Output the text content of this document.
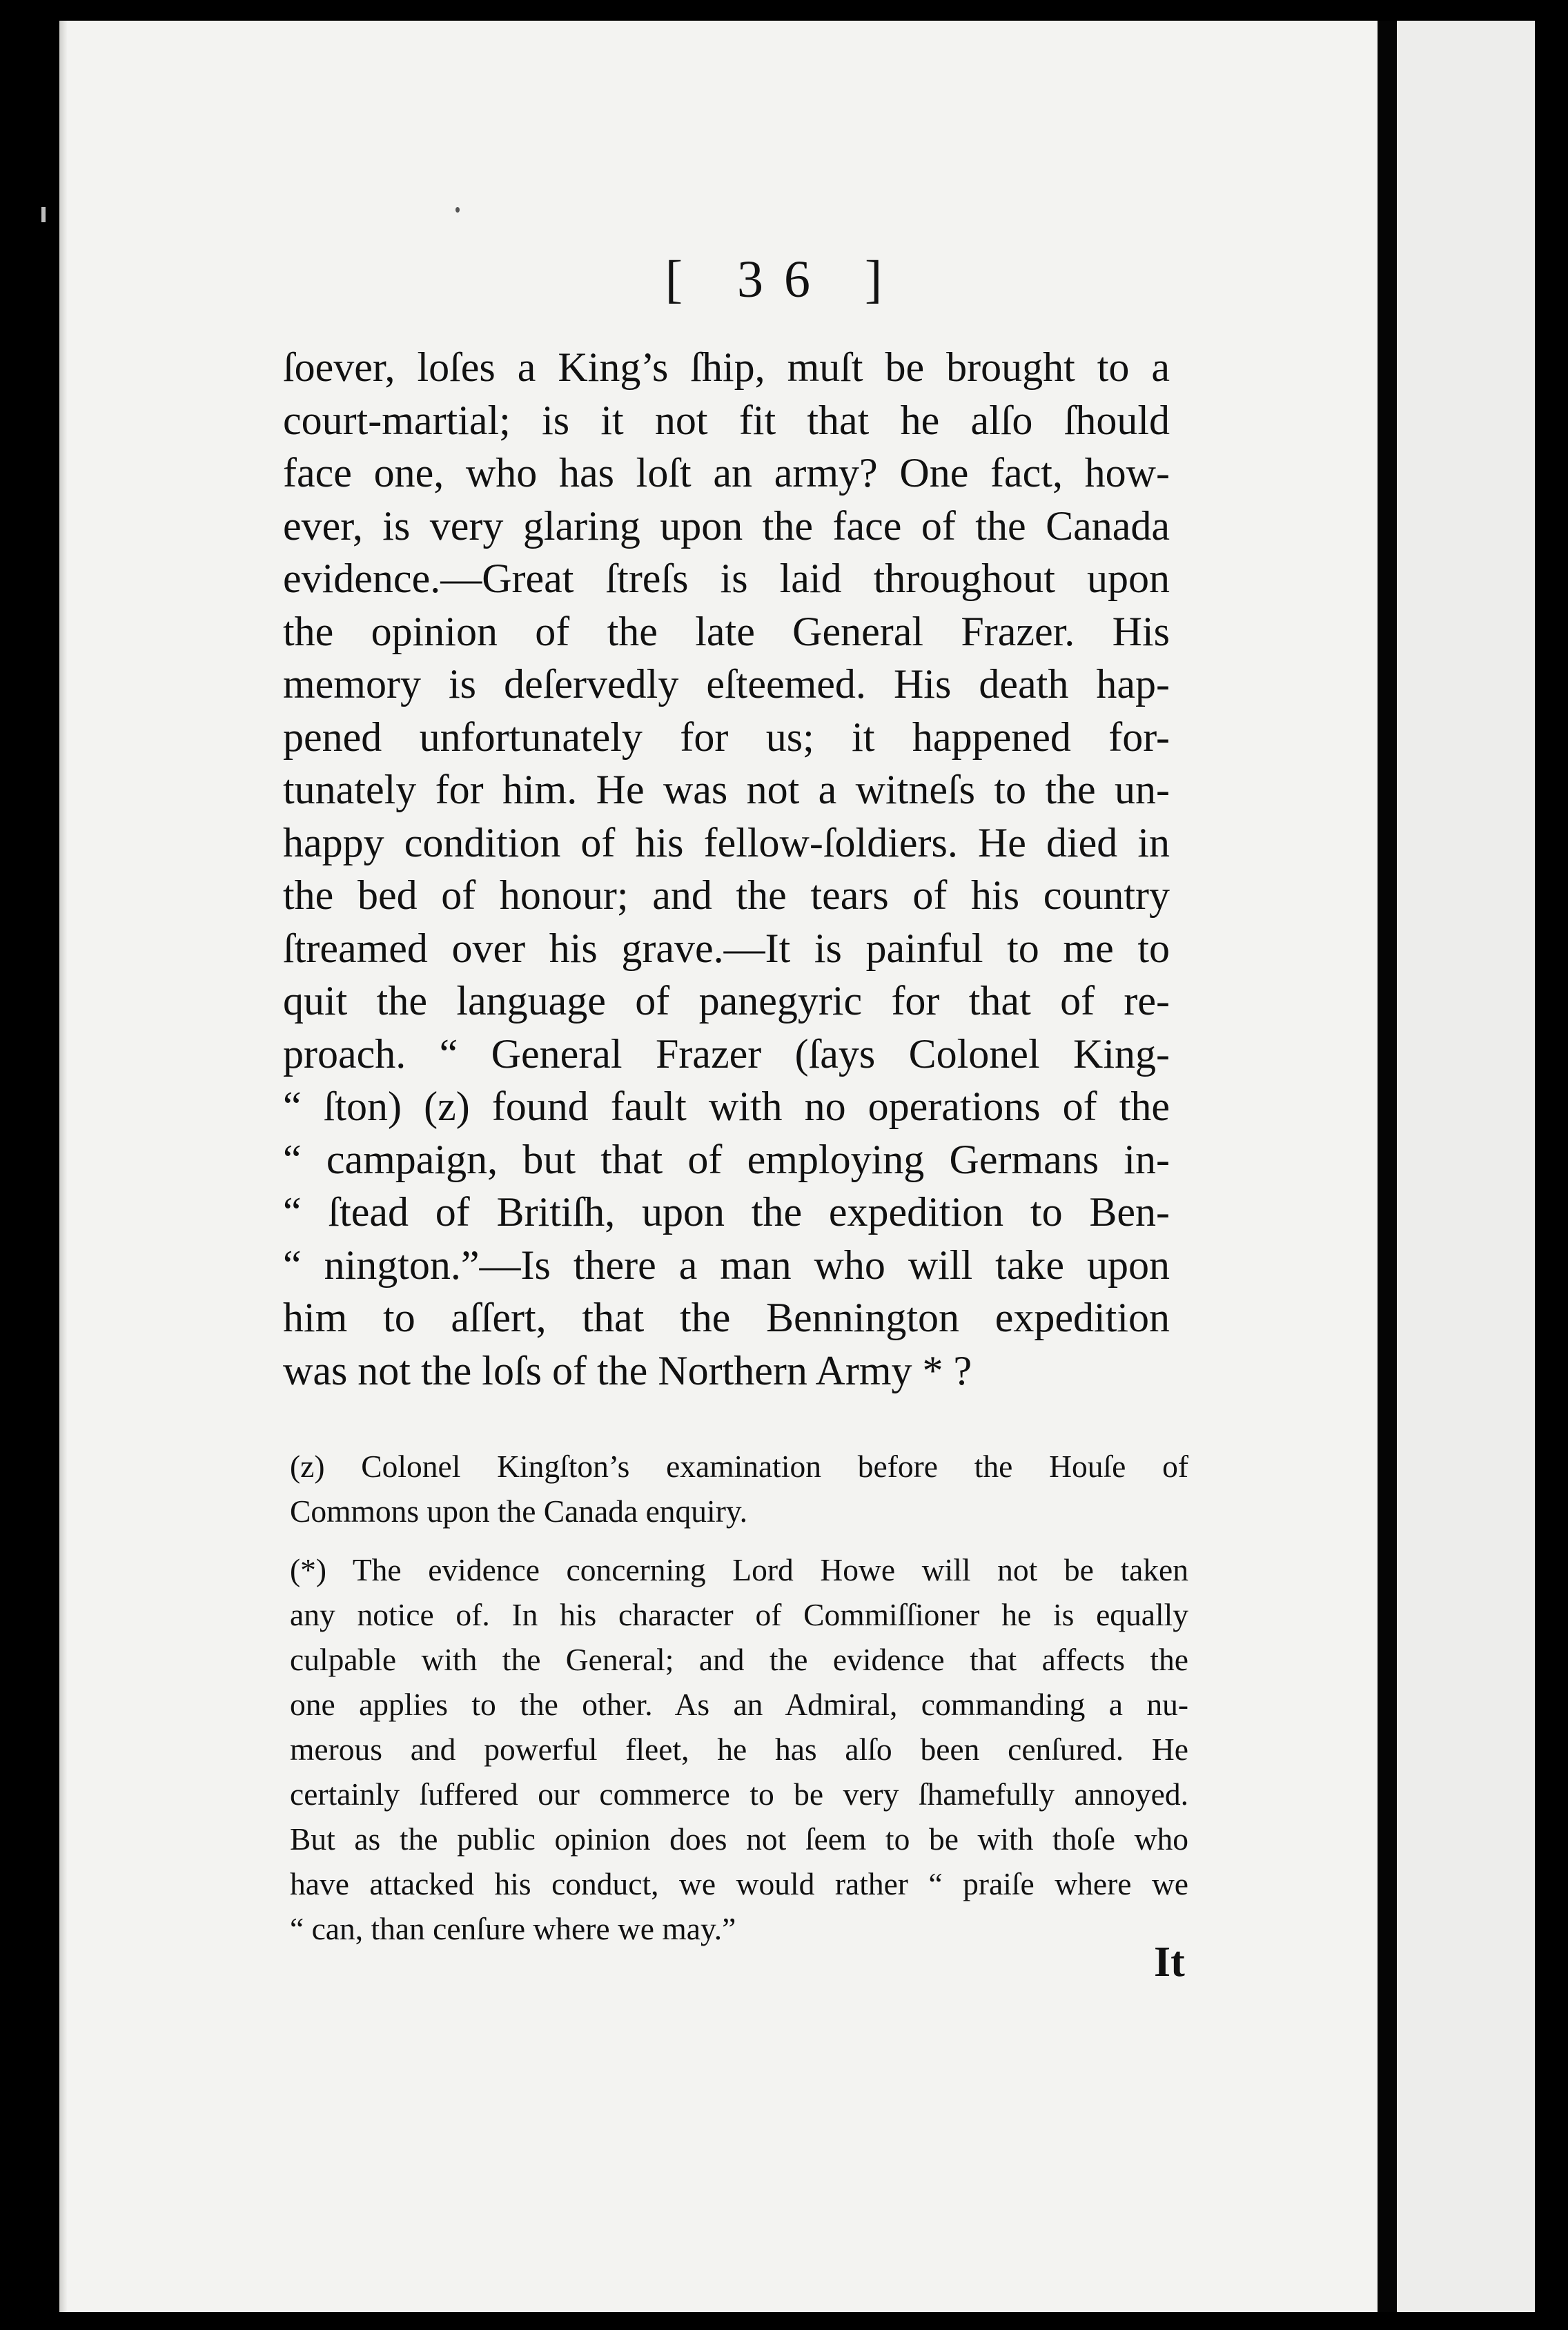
[ 36 ]
ſoever, loſes a King’s ſhip, muſt be brought to a
court-martial; is it not fit that he alſo ſhould
face one, who has loſt an army? One fact, how-
ever, is very glaring upon the face of the Canada
evidence.—Great ſtreſs is laid throughout upon
the opinion of the late General Frazer. His
memory is deſervedly eſteemed. His death hap-
pened unfortunately for us; it happened for-
tunately for him. He was not a witneſs to the un-
happy condition of his fellow-ſoldiers. He died in
the bed of honour; and the tears of his country
ſtreamed over his grave.—It is painful to me to
quit the language of panegyric for that of re-
proach. “ General Frazer (ſays Colonel King-
“ ſton) (z) found fault with no operations of the
“ campaign, but that of employing Germans in-
“ ſtead of Britiſh, upon the expedition to Ben-
“ nington.”—Is there a man who will take upon
him to aſſert, that the Bennington expedition
was not the loſs of the Northern Army * ?
(z) Colonel Kingſton’s examination before the Houſe of
Commons upon the Canada enquiry.
(*) The evidence concerning Lord Howe will not be taken
any notice of. In his character of Commiſſioner he is equally
culpable with the General; and the evidence that affects the
one applies to the other. As an Admiral, commanding a nu-
merous and powerful fleet, he has alſo been cenſured. He
certainly ſuffered our commerce to be very ſhamefully annoyed.
But as the public opinion does not ſeem to be with thoſe who
have attacked his conduct, we would rather “ praiſe where we
“ can, than cenſure where we may.”
It
